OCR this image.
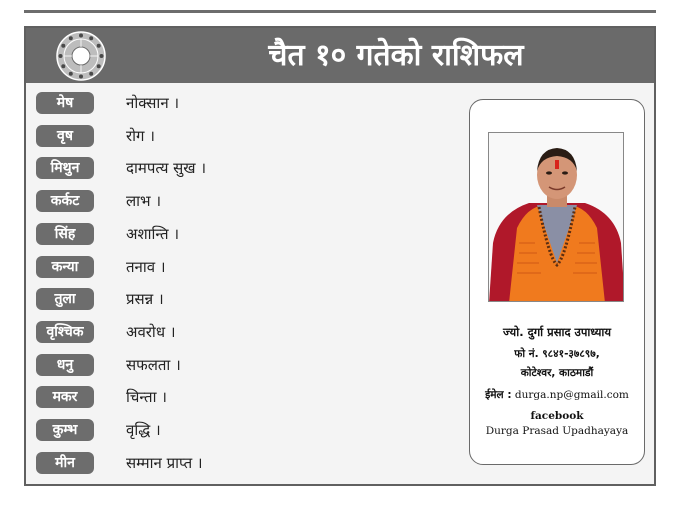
चैत १० गतेको राशिफल
मेष	नोक्सान ।
वृष	रोग ।
मिथुन	दामपत्य सुख ।
कर्कट	लाभ ।
सिंह	अशान्ति ।
कन्या	तनाव ।
तुला	प्रसन्न ।
वृश्चिक	अवरोध ।
धनु	सफलता ।
मकर	चिन्ता ।
कुम्भ	वृद्धि ।
मीन	सम्मान प्राप्त ।
ज्यो. दुर्गा प्रसाद उपाध्याय
फो नं. ९८४१-३७८९७,
कोटेश्वर, काठमाडौं
ईमेल : durga.np@gmail.com
facebook
Durga Prasad Upadhayaya
